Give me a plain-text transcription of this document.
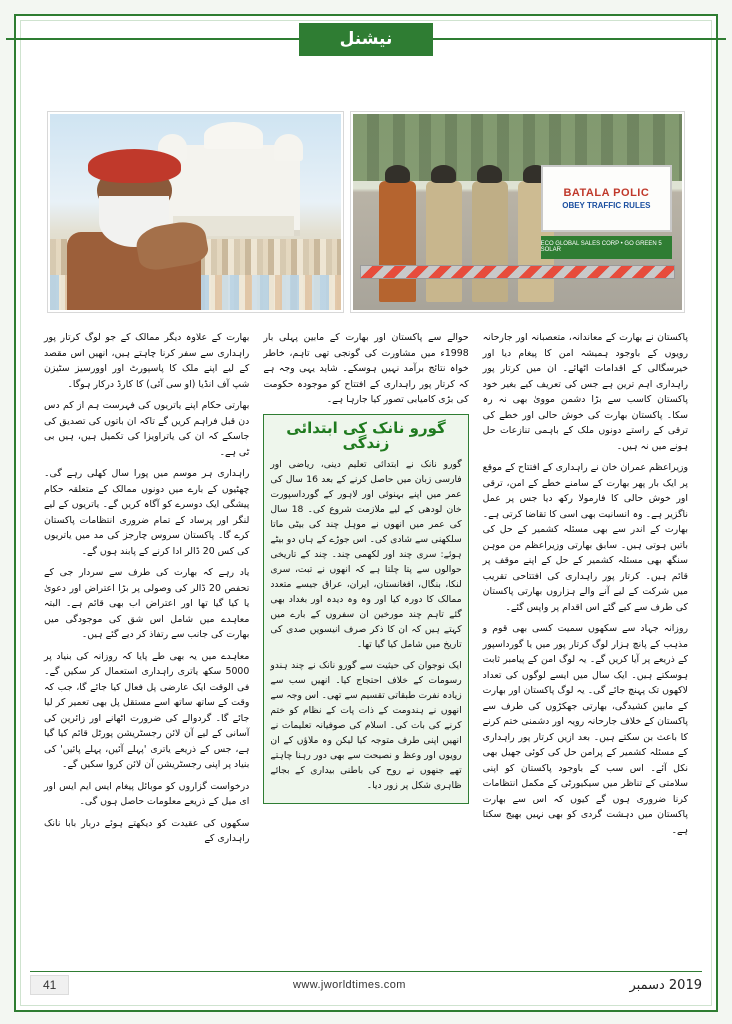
نیشنل
BATALA POLIC
OBEY TRAFFIC RULES
ECO GLOBAL SALES CORP • GO GREEN 5 SOLAR

پاکستان نے بھارت کے معاندانہ، متعصبانہ اور جارحانہ رویوں کے باوجود ہمیشہ امن کا پیغام دیا اور خیرسگالی کے اقدامات اٹھائے۔ ان میں کرتار پور راہداری اہم ترین ہے جس کی تعریف کیے بغیر خود پاکستان کاسب سے بڑا دشمن موویٰ بھی نہ رہ سکا۔ پاکستان بھارت کی خوش حالی اور خطے کی ترقی کے راستے دونوں ملک کے باہمی تنازعات حل ہونے میں نہ ہیں۔

وزیراعظم عمران خان نے راہداری کے افتتاح کے موقع پر ایک بار پھر بھارت کے سامنے خطے کے امن، ترقی اور خوش حالی کا فارمولا رکھ دیا جس پر عمل ناگزیر ہے۔ وہ انسانیت بھی اسی کا تقاضا کرتی ہے۔ بھارت کے اندر سے بھی مسئلہ کشمیر کے حل کی باتیں ہوتی ہیں۔ سابق بھارتی وزیراعظم من موہن سنگھ بھی مسئلہ کشمیر کے حل کے اپنے موقف پر قائم ہیں۔ کرتار پور راہداری کی افتتاحی تقریب میں شرکت کے لیے آنے والے ہزاروں بھارتی پاکستان کی طرف سے کیے گئے اس اقدام پر واپس گئے۔

روزانہ جہاد سے سکھوں سمیت کسی بھی قوم و مذہب کے پانچ ہزار لوگ کرتار پور میں یا گورداسپور کے ذریعے پر آیا کریں گے۔ یہ لوگ امن کے پیامبر ثابت ہوسکتے ہیں۔ ایک سال میں ایسے لوگوں کی تعداد لاکھوں تک پہنچ جائے گی۔ یہ لوگ پاکستان اور بھارت کے مابین کشیدگی، بھارتی جھکڑوں کی طرف سے پاکستان کے خلاف جارحانہ رویہ اور دشمنی ختم کرنے کا باعث بن سکتے ہیں۔ بعد ازیں کرتار پور راہداری کے مسئلہ کشمیر کے پرامن حل کی کوئی جھیل بھی نکل آئے۔ اس سب کے باوجود پاکستان کو اپنی سلامتی کے تناظر میں سیکیورٹی کے مکمل انتظامات کرنا ضروری ہوں گے کیوں کہ اس سے بھارت پاکستان میں دہشت گردی کو بھی نہیں بھیج سکتا ہے۔

حوالے سے پاکستان اور بھارت کے مابین پہلی بار 1998ء میں مشاورت کی گونجی تھی تاہم، خاطر خواہ نتائج برآمد نہیں ہوسکے۔ شاید یہی وجہ ہے کہ کرتار پور راہداری کے افتتاح کو موجودہ حکومت کی بڑی کامیابی تصور کیا جارہا ہے۔

گورو نانک کی ابتدائی زندگی

گورو نانک نے ابتدائی تعلیم دینی، ریاضی اور فارسی زبان میں حاصل کرنے کے بعد 16 سال کی عمر میں اپنے بہنوئی اور لاہور کے گورداسپورت خان لودھی کے لیے ملازمت شروع کی۔ 18 سال کی عمر میں انھوں نے موہل چند کی بیٹی ماتا سلکھنی سے شادی کی۔ اس جوڑے کے ہاں دو بیٹے ہوئے: سری چند اور لکھمی چند۔ چند کے تاریخی حوالوں سے پتا چلتا ہے کہ انھوں نے تبت، سری لنکا، بنگال، افغانستان، ایران، عراق جیسے متعدد ممالک کا دورہ کیا اور وہ وہ دیدہ اور بغداد بھی گئے تاہم چند مورخین ان سفروں کے بارے میں کہتے ہیں کہ ان کا ذکر صرف انیسویں صدی کی تاریخ میں شامل کیا گیا تھا۔

ایک نوجوان کی حیثیت سے گورو نانک نے چند ہندو رسومات کے خلاف احتجاج کیا۔ انھیں سب سے زیادہ نفرت طبقاتی تقسیم سے تھی۔ اس وجہ سے انھوں نے ہندومت کے ذات پات کے نظام کو ختم کرنے کی بات کی۔ اسلام کی صوفیانہ تعلیمات نے انھیں اپنی طرف متوجہ کیا لیکن وہ ملاؤں کے ان رویوں اور وعظ و نصیحت سے بھی دور رہنا چاہتے تھے جنھوں نے روح کی باطنی بیداری کے بجائے ظاہری شکل پر زور دیا۔

بھارت کے علاوہ دیگر ممالک کے جو لوگ کرتار پور راہداری سے سفر کرنا چاہتے ہیں، انھیں اس مقصد کے لیے اپنے ملک کا پاسپورٹ اور اوورسیز سٹیزن شپ آف انڈیا (او سی آئی) کا کارڈ درکار ہوگا۔

بھارتی حکام اپنے یاتریوں کی فہرست ہم از کم دس دن قبل فراہم کریں گے تاکہ ان باتوں کی تصدیق کی جاسکے کہ ان کی یاتراویزا کی تکمیل ہیں، ہیں بی ٹی ہے۔

راہداری ہر موسم میں پورا سال کھلی رہے گی۔ چھٹیوں کے بارے میں دونوں ممالک کے متعلقہ حکام پیشگی ایک دوسرے کو آگاہ کریں گے۔ یاتریوں کے لیے لنگر اور پرساد کے تمام ضروری انتظامات پاکستان کرے گا۔ پاکستان سروس چارجز کی مد میں یاتریوں کی کس 20 ڈالر ادا کرنے کے پابند ہوں گے۔

یاد رہے کہ بھارت کی طرف سے سردار جی کے تحفص 20 ڈالر کی وصولی پر بڑا اعتراض اور دعویٰ یا کیا گیا تھا اور اعتراض اب بھی قائم ہے۔ البتہ معاہدے میں شامل اس شق کی موجودگی میں بھارت کی جانب سے رتفاذ کر دیے گئے ہیں۔

معاہدے میں یہ بھی طے پایا کہ روزانہ کی بنیاد پر 5000 سکھ یاتری راہداری استعمال کر سکیں گے۔ فی الوقت ایک عارضی پل فعال کیا جائے گا، جب کہ وقت کے ساتھ ساتھ اسے مستقل پل بھی تعمیر کر لیا جائے گا۔ گردوالے کی ضرورت اٹھانے اور زائرین کی آسانی کے لیے آن لائن رجسٹریشن پورٹل قائم کیا گیا ہے، جس کے ذریعے یاتری 'پہلے آئیں، پہلے پائیں' کی بنیاد پر اپنی رجسٹریشن آن لائن کروا سکیں گے۔

درخواست گزاروں کو موبائل پیغام ایس ایم ایس اور ای میل کے ذریعے معلومات حاصل ہوں گی۔

سکھوں کی عقیدت کو دیکھتے ہوئے دربار بابا نانک راہداری کے

41	www.jworldtimes.com	2019 دسمبر
